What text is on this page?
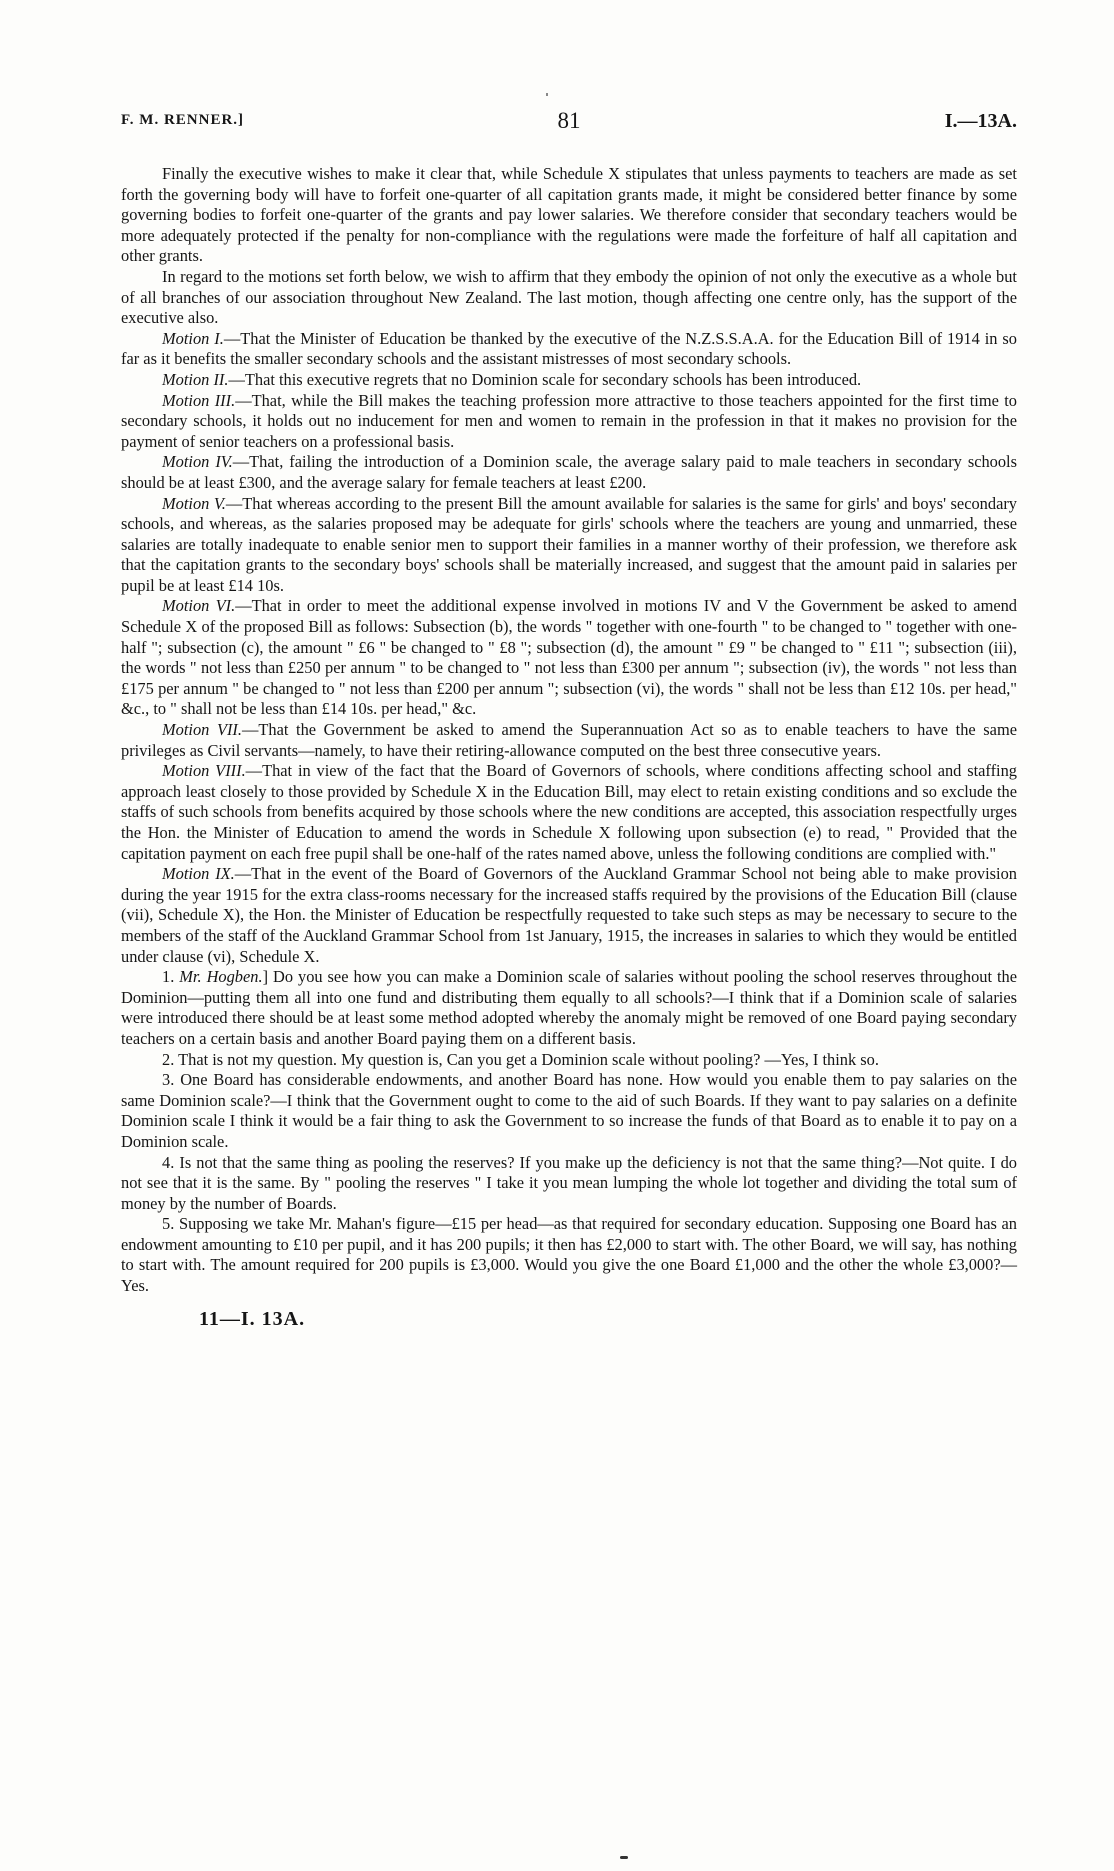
F. M. RENNER.]	81	I.—13A.

Finally the executive wishes to make it clear that, while Schedule X stipulates that unless payments to teachers are made as set forth the governing body will have to forfeit one-quarter of all capitation grants made, it might be considered better finance by some governing bodies to forfeit one-quarter of the grants and pay lower salaries. We therefore consider that secondary teachers would be more adequately protected if the penalty for non-compliance with the regulations were made the forfeiture of half all capitation and other grants.

In regard to the motions set forth below, we wish to affirm that they embody the opinion of not only the executive as a whole but of all branches of our association throughout New Zealand. The last motion, though affecting one centre only, has the support of the executive also.

Motion I.—That the Minister of Education be thanked by the executive of the N.Z.S.S.A.A. for the Education Bill of 1914 in so far as it benefits the smaller secondary schools and the assistant mistresses of most secondary schools.

Motion II.—That this executive regrets that no Dominion scale for secondary schools has been introduced.

Motion III.—That, while the Bill makes the teaching profession more attractive to those teachers appointed for the first time to secondary schools, it holds out no inducement for men and women to remain in the profession in that it makes no provision for the payment of senior teachers on a professional basis.

Motion IV.—That, failing the introduction of a Dominion scale, the average salary paid to male teachers in secondary schools should be at least £300, and the average salary for female teachers at least £200.

Motion V.—That whereas according to the present Bill the amount available for salaries is the same for girls' and boys' secondary schools, and whereas, as the salaries proposed may be adequate for girls' schools where the teachers are young and unmarried, these salaries are totally inadequate to enable senior men to support their families in a manner worthy of their profession, we therefore ask that the capitation grants to the secondary boys' schools shall be materially increased, and suggest that the amount paid in salaries per pupil be at least £14 10s.

Motion VI.—That in order to meet the additional expense involved in motions IV and V the Government be asked to amend Schedule X of the proposed Bill as follows: Subsection (b), the words " together with one-fourth " to be changed to " together with one-half "; subsection (c), the amount " £6 " be changed to " £8 "; subsection (d), the amount " £9 " be changed to " £11 "; subsection (iii), the words " not less than £250 per annum " to be changed to " not less than £300 per annum "; subsection (iv), the words " not less than £175 per annum " be changed to " not less than £200 per annum "; subsection (vi), the words " shall not be less than £12 10s. per head," &c., to " shall not be less than £14 10s. per head," &c.

Motion VII.—That the Government be asked to amend the Superannuation Act so as to enable teachers to have the same privileges as Civil servants—namely, to have their retiring-allowance computed on the best three consecutive years.

Motion VIII.—That in view of the fact that the Board of Governors of schools, where conditions affecting school and staffing approach least closely to those provided by Schedule X in the Education Bill, may elect to retain existing conditions and so exclude the staffs of such schools from benefits acquired by those schools where the new conditions are accepted, this association respectfully urges the Hon. the Minister of Education to amend the words in Schedule X following upon subsection (e) to read, " Provided that the capitation payment on each free pupil shall be one-half of the rates named above, unless the following conditions are complied with."

Motion IX.—That in the event of the Board of Governors of the Auckland Grammar School not being able to make provision during the year 1915 for the extra class-rooms necessary for the increased staffs required by the provisions of the Education Bill (clause (vii), Schedule X), the Hon. the Minister of Education be respectfully requested to take such steps as may be necessary to secure to the members of the staff of the Auckland Grammar School from 1st January, 1915, the increases in salaries to which they would be entitled under clause (vi), Schedule X.

1. Mr. Hogben.] Do you see how you can make a Dominion scale of salaries without pooling the school reserves throughout the Dominion—putting them all into one fund and distributing them equally to all schools?—I think that if a Dominion scale of salaries were introduced there should be at least some method adopted whereby the anomaly might be removed of one Board paying secondary teachers on a certain basis and another Board paying them on a different basis.

2. That is not my question. My question is, Can you get a Dominion scale without pooling? —Yes, I think so.

3. One Board has considerable endowments, and another Board has none. How would you enable them to pay salaries on the same Dominion scale?—I think that the Government ought to come to the aid of such Boards. If they want to pay salaries on a definite Dominion scale I think it would be a fair thing to ask the Government to so increase the funds of that Board as to enable it to pay on a Dominion scale.

4. Is not that the same thing as pooling the reserves? If you make up the deficiency is not that the same thing?—Not quite. I do not see that it is the same. By " pooling the reserves " I take it you mean lumping the whole lot together and dividing the total sum of money by the number of Boards.

5. Supposing we take Mr. Mahan's figure—£15 per head—as that required for secondary education. Supposing one Board has an endowment amounting to £10 per pupil, and it has 200 pupils; it then has £2,000 to start with. The other Board, we will say, has nothing to start with. The amount required for 200 pupils is £3,000. Would you give the one Board £1,000 and the other the whole £3,000?—Yes.

11—I. 13A.
